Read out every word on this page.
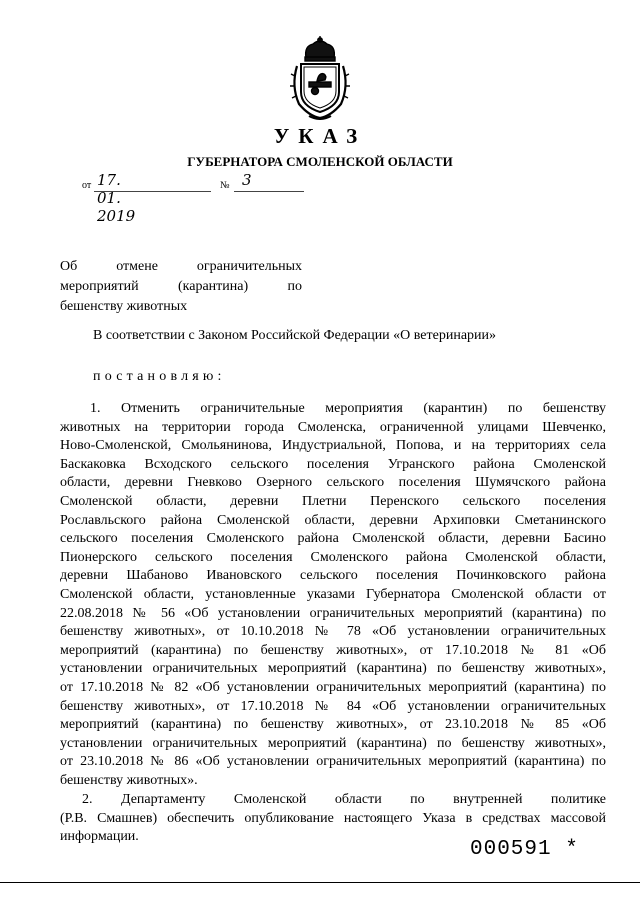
УКАЗ
ГУБЕРНАТОРА СМОЛЕНСКОЙ ОБЛАСТИ
от 17. 01. 2019
№ 3
Об отмене ограничительных
мероприятий (карантина) по
бешенству животных
В соответствии с Законом Российской Федерации «О ветеринарии»
постановляю:
1. Отменить ограничительные мероприятия (карантин) по бешенству
животных на территории города Смоленска, ограниченной улицами Шевченко,
Ново-Смоленской, Смольянинова, Индустриальной, Попова, и на территориях села
Баскаковка Всходского сельского поселения Угранского района Смоленской
области, деревни Гневково Озерного сельского поселения Шумячского района
Смоленской области, деревни Плетни Перенского сельского поселения
Рославльского района Смоленской области, деревни Архиповки Сметанинского
сельского поселения Смоленского района Смоленской области, деревни Басино
Пионерского сельского поселения Смоленского района Смоленской области,
деревни Шабаново Ивановского сельского поселения Починковского района
Смоленской области, установленные указами Губернатора Смоленской области от
22.08.2018 № 56 «Об установлении ограничительных мероприятий (карантина) по
бешенству животных», от 10.10.2018 № 78 «Об установлении ограничительных
мероприятий (карантина) по бешенству животных», от 17.10.2018 № 81 «Об
установлении ограничительных мероприятий (карантина) по бешенству животных»,
от 17.10.2018 № 82 «Об установлении ограничительных мероприятий (карантина) по
бешенству животных», от 17.10.2018 № 84 «Об установлении ограничительных
мероприятий (карантина) по бешенству животных», от 23.10.2018 № 85 «Об
установлении ограничительных мероприятий (карантина) по бешенству животных»,
от 23.10.2018 № 86 «Об установлении ограничительных мероприятий (карантина) по
бешенству животных».
2. Департаменту Смоленской области по внутренней политике
(Р.В. Смашнев) обеспечить опубликование настоящего Указа в средствах массовой
информации.
000591 *
